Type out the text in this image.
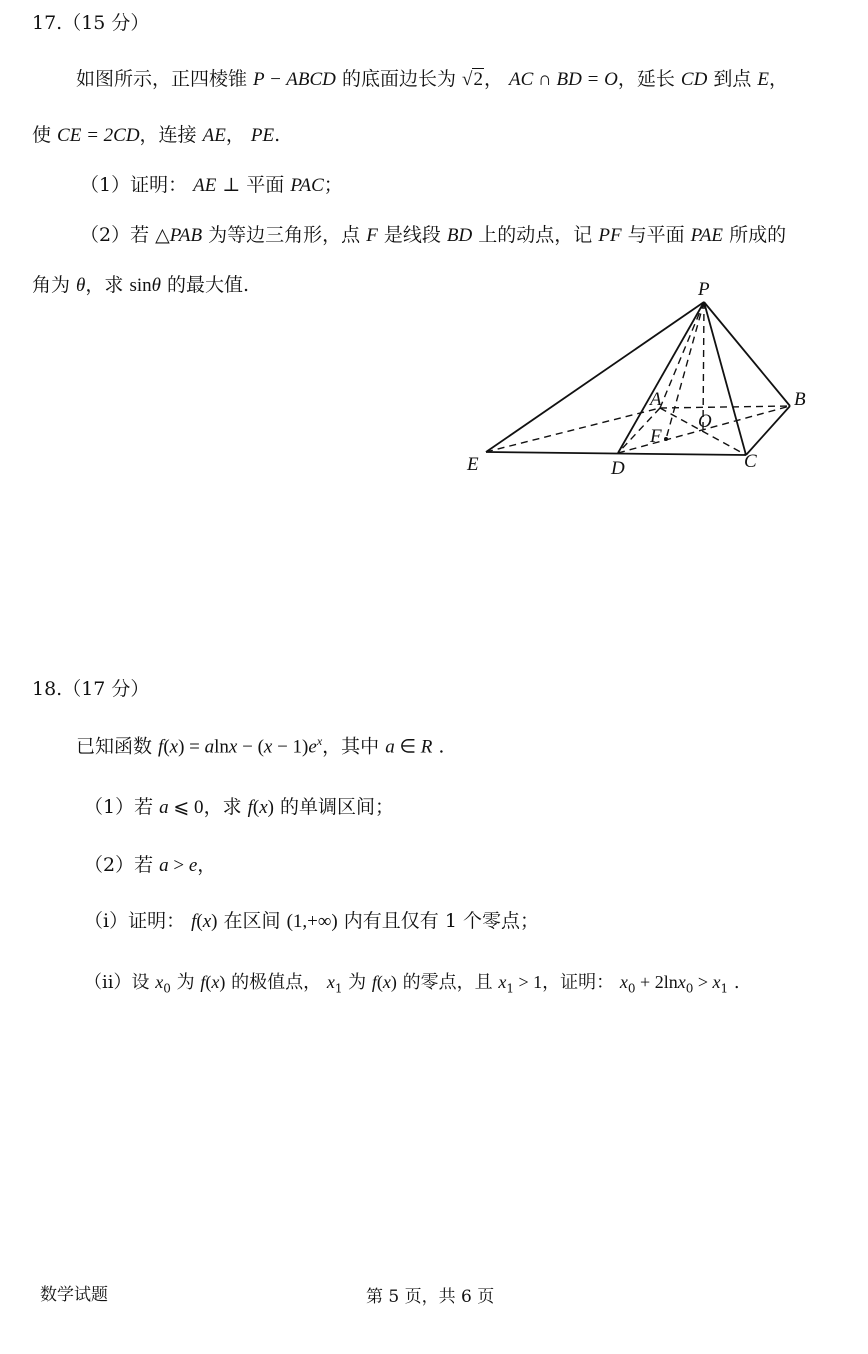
17.（15 分）
如图所示，正四棱锥 P − ABCD 的底面边长为 √2， AC ∩ BD = O，延长 CD 到点 E，
使 CE = 2CD，连接 AE， PE.
（1）证明： AE ⊥ 平面 PAC；
（2）若 △PAB 为等边三角形，点 F 是线段 BD 上的动点，记 PF 与平面 PAE 所成的
角为 θ，求 sinθ 的最大值.	P
A	B
O
F
C
D
E
18.（17 分）
已知函数 $f(x) = alnx - (x - 1)e^x$，其中 a ∈ R .
（1）若 a ⩽ 0，求 f(x) 的单调区间；
（2）若 a > e，
（i）证明： f(x) 在区间 (1,+∞) 内有且仅有 1 个零点；
（ii）设 $x_0$ 为 f(x) 的极值点， $x_1$ 为 f(x) 的零点，且 $x_1 > 1$，证明： $x_0 + 2\ln x_0 > x_1$ .
数学试题	第 5 页，共 6 页
